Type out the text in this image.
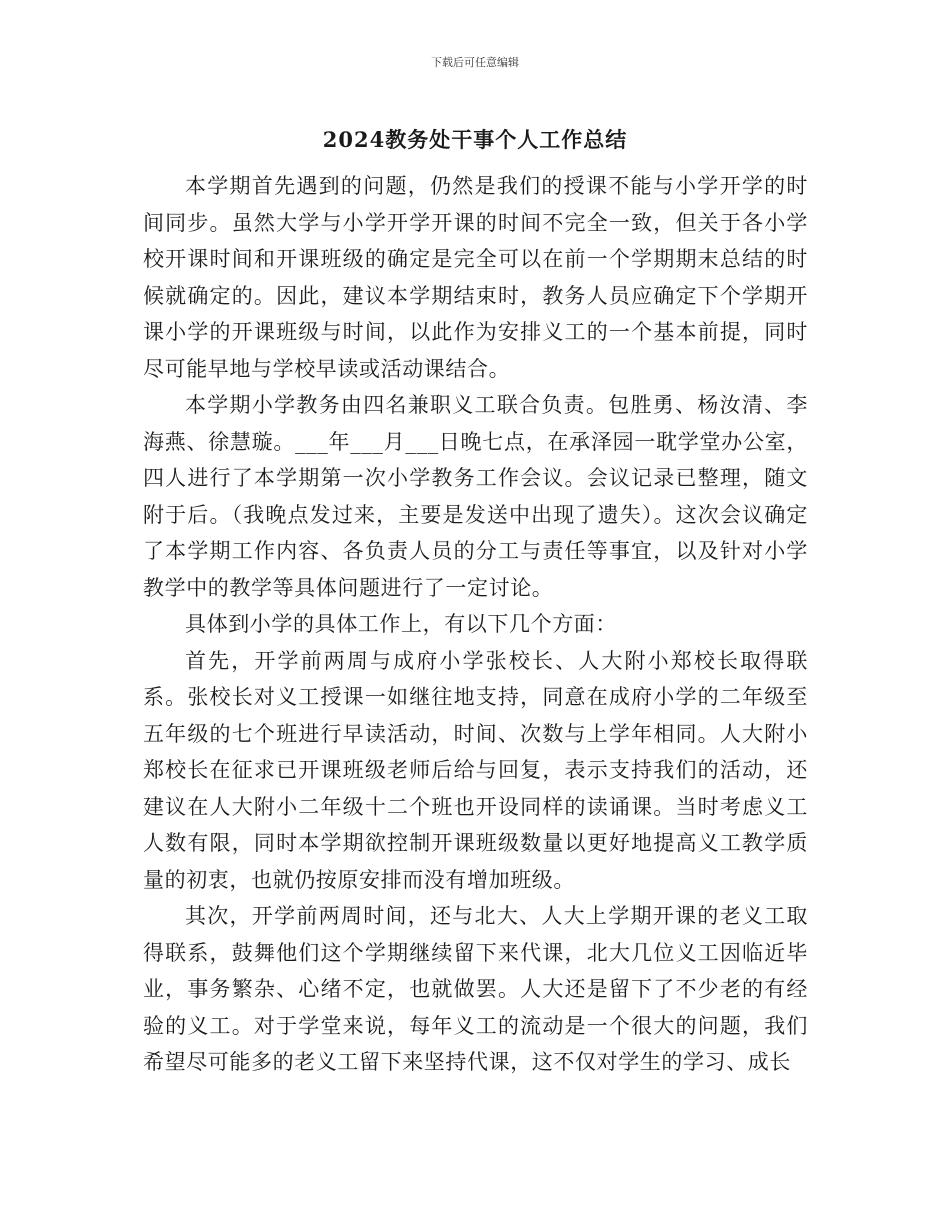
下载后可任意编辑
2024教务处干事个人工作总结

本学期首先遇到的问题，仍然是我们的授课不能与小学开学的时间同步。虽然大学与小学开学开课的时间不完全一致，但关于各小学校开课时间和开课班级的确定是完全可以在前一个学期期末总结的时候就确定的。因此，建议本学期结束时，教务人员应确定下个学期开课小学的开课班级与时间，以此作为安排义工的一个基本前提，同时尽可能早地与学校早读或活动课结合。

本学期小学教务由四名兼职义工联合负责。包胜勇、杨汝清、李海燕、徐慧璇。___年___月___日晚七点，在承泽园一耽学堂办公室，四人进行了本学期第一次小学教务工作会议。会议记录已整理，随文附于后。（我晚点发过来，主要是发送中出现了遗失）。这次会议确定了本学期工作内容、各负责人员的分工与责任等事宜，以及针对小学教学中的教学等具体问题进行了一定讨论。

具体到小学的具体工作上，有以下几个方面：

首先，开学前两周与成府小学张校长、人大附小郑校长取得联系。张校长对义工授课一如继往地支持，同意在成府小学的二年级至五年级的七个班进行早读活动，时间、次数与上学年相同。人大附小郑校长在征求已开课班级老师后给与回复，表示支持我们的活动，还建议在人大附小二年级十二个班也开设同样的读诵课。当时考虑义工人数有限，同时本学期欲控制开课班级数量以更好地提高义工教学质量的初衷，也就仍按原安排而没有增加班级。

其次，开学前两周时间，还与北大、人大上学期开课的老义工取得联系，鼓舞他们这个学期继续留下来代课，北大几位义工因临近毕业，事务繁杂、心绪不定，也就做罢。人大还是留下了不少老的有经验的义工。对于学堂来说，每年义工的流动是一个很大的问题，我们希望尽可能多的老义工留下来坚持代课，这不仅对学生的学习、成长
